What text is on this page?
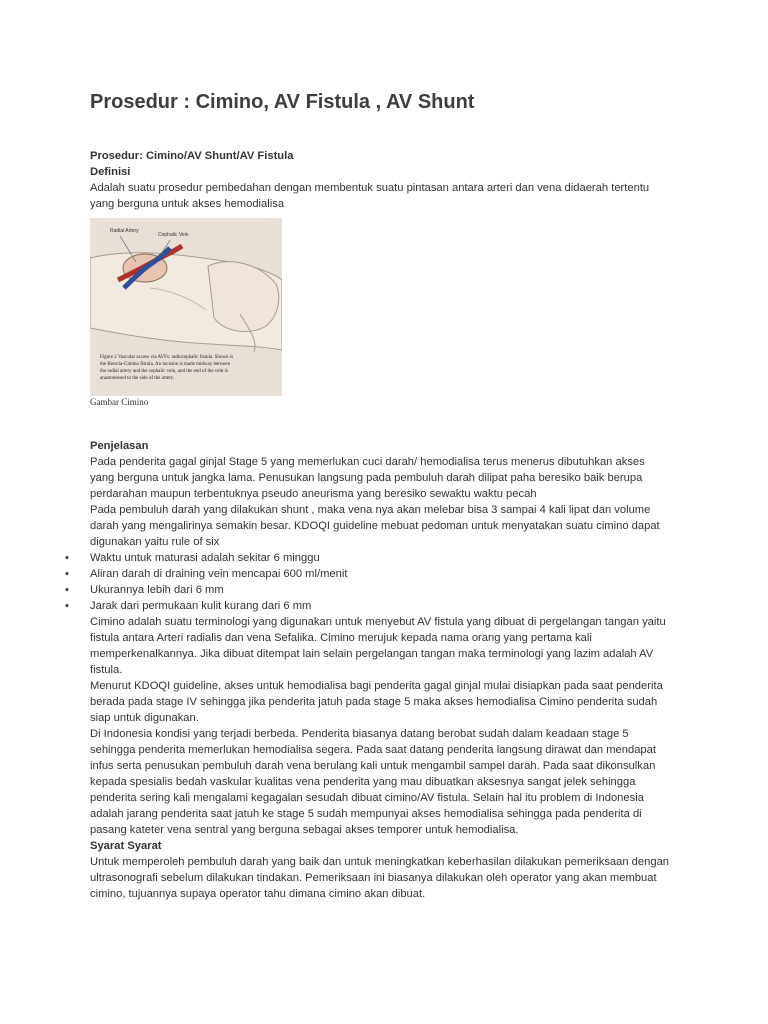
Prosedur : Cimino, AV Fistula , AV Shunt

Prosedur: Cimino/AV Shunt/AV Fistula

Definisi

Adalah suatu prosedur pembedahan dengan membentuk suatu pintasan antara arteri dan vena didaerah tertentu

yang berguna untuk akses hemodialisa

Radial Artery
Cephalic Vein
Figure 2 Vascular access via AVFs: radiocephalic fistula. Shown is
the Brescia-Cimino fistula. An incision is made midway between
the radial artery and the cephalic vein, and the end of the vein is
anastomosed to the side of the artery.

Gambar Cimino

Penjelasan

Pada penderita gagal ginjal Stage 5 yang memerlukan cuci darah/ hemodialisa terus menerus dibutuhkan akses

yang berguna untuk jangka lama. Penusukan langsung pada pembuluh darah dilipat paha beresiko baik berupa

perdarahan maupun terbentuknya pseudo aneurisma yang beresiko sewaktu waktu pecah

Pada pembuluh darah yang dilakukan shunt , maka vena nya akan melebar bisa 3 sampai 4 kali lipat dan volume

darah yang mengalirinya semakin besar. KDOQI guideline mebuat pedoman untuk menyatakan suatu cimino dapat

digunakan yaitu rule of six

• Waktu untuk maturasi adalah sekitar 6 minggu
• Aliran darah di draining vein mencapai 600 ml/menit
• Ukurannya lebih dari 6 mm
• Jarak dari permukaan kulit kurang dari 6 mm

Cimino adalah suatu terminologi yang digunakan untuk menyebut AV fistula yang dibuat di pergelangan tangan yaitu

fistula antara Arteri radialis dan vena Sefalika. Cimino merujuk kepada nama orang yang pertama kali

memperkenalkannya. Jika dibuat ditempat lain selain pergelangan tangan maka terminologi yang lazim adalah AV

fistula.

Menurut KDOQI guideline, akses untuk hemodialisa bagi penderita gagal ginjal mulai disiapkan pada saat penderita

berada pada stage IV sehingga jika penderita jatuh pada stage 5 maka akses hemodialisa Cimino penderita sudah

siap untuk digunakan.

Di Indonesia kondisi yang terjadi berbeda. Penderita biasanya datang berobat sudah dalam keadaan stage 5

sehingga penderita memerlukan hemodialisa segera. Pada saat datang penderita langsung dirawat dan mendapat

infus serta penusukan pembuluh darah vena berulang kali untuk mengambil sampel darah. Pada saat dikonsulkan

kepada spesialis bedah vaskular kualitas vena penderita yang mau dibuatkan aksesnya sangat jelek sehingga

penderita sering kali mengalami kegagalan sesudah dibuat cimino/AV fistula. Selain hal itu problem di Indonesia

adalah jarang penderita saat jatuh ke stage 5 sudah mempunyai akses hemodialisa sehingga pada penderita di

pasang kateter vena sentral yang berguna sebagai akses temporer untuk hemodialisa.

Syarat Syarat

Untuk memperoleh pembuluh darah yang baik dan untuk meningkatkan keberhasilan dilakukan pemeriksaan dengan

ultrasonografi sebelum dilakukan tindakan. Pemeriksaan ini biasanya dilakukan oleh operator yang akan membuat

cimino, tujuannya supaya operator tahu dimana cimino akan dibuat.
